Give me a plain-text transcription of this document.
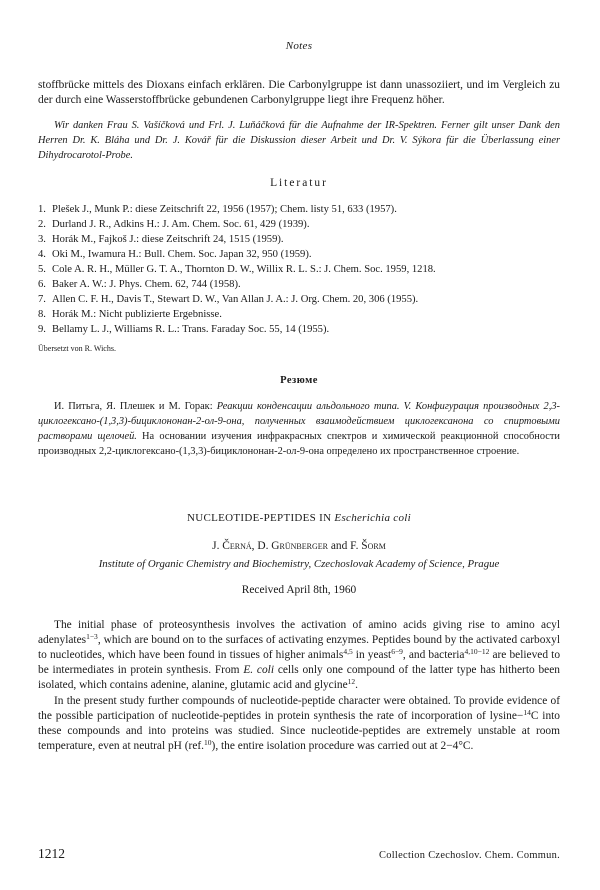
Notes

stoffbrücke mittels des Dioxans einfach erklären. Die Carbonylgruppe ist dann unassoziiert, und im Vergleich zu der durch eine Wasserstoffbrücke gebundenen Carbonylgruppe liegt ihre Frequenz höher.

Wir danken Frau S. Vašíčková und Frl. J. Luňáčková für die Aufnahme der IR-Spektren. Ferner gilt unser Dank den Herren Dr. K. Bláha und Dr. J. Kovář für die Diskussion dieser Arbeit und Dr. V. Sýkora für die Überlassung einer Dihydrocarotol-Probe.

Literatur
1. Plešek J., Munk P.: diese Zeitschrift 22, 1956 (1957); Chem. listy 51, 633 (1957).
2. Durland J. R., Adkins H.: J. Am. Chem. Soc. 61, 429 (1939).
3. Horák M., Fajkoš J.: diese Zeitschrift 24, 1515 (1959).
4. Oki M., Iwamura H.: Bull. Chem. Soc. Japan 32, 950 (1959).
5. Cole A. R. H., Müller G. T. A., Thornton D. W., Willix R. L. S.: J. Chem. Soc. 1959, 1218.
6. Baker A. W.: J. Phys. Chem. 62, 744 (1958).
7. Allen C. F. H., Davis T., Stewart D. W., Van Allan J. A.: J. Org. Chem. 20, 306 (1955).
8. Horák M.: Nicht publizierte Ergebnisse.
9. Bellamy L. J., Williams R. L.: Trans. Faraday Soc. 55, 14 (1955).
Übersetzt von R. Wichs.
Резюме

И. Питьга, Я. Плешек и М. Горак: Реакции конденсации альдольного типа. V. Конфигурация производных 2,3-циклогексано-(1,3,3)-бициклононан-2-ол-9-она, полученных взаимодействием циклогексанона со спиртовыми растворами щелочей. На основании изучения инфракрасных спектров и химической реакционной способности производных 2,2-циклогексано-(1,3,3)-бициклононан-2-ол-9-она определено их пространственное строение.

NUCLEOTIDE-PEPTIDES IN Escherichia coli
J. Černá, D. Grünberger and F. Šorm
Institute of Organic Chemistry and Biochemistry, Czechoslovak Academy of Science, Prague
Received April 8th, 1960

The initial phase of proteosynthesis involves the activation of amino acids giving rise to amino acyl adenylates$^{1-3}$, which are bound on to the surfaces of activating enzymes. Peptides bound by the activated carboxyl to nucleotides, which have been found in tissues of higher animals$^{4,5}$ in yeast$^{6-9}$, and bacteria$^{4,10-12}$ are believed to be intermediates in protein synthesis. From E. coli cells only one compound of the latter type has hitherto been isolated, which contains adenine, alanine, glutamic acid and glycine$^{12}$.

In the present study further compounds of nucleotide-peptide character were obtained. To provide evidence of the possible participation of nucleotide-peptides in protein synthesis the rate of incorporation of lysine−$^{14}$C into these compounds and into proteins was studied. Since nucleotide-peptides are extremely unstable at room temperature, even at neutral pH (ref.$^{10}$), the entire isolation procedure was carried out at 2−4°C.

1212	Collection Czechoslov. Chem. Commun.
